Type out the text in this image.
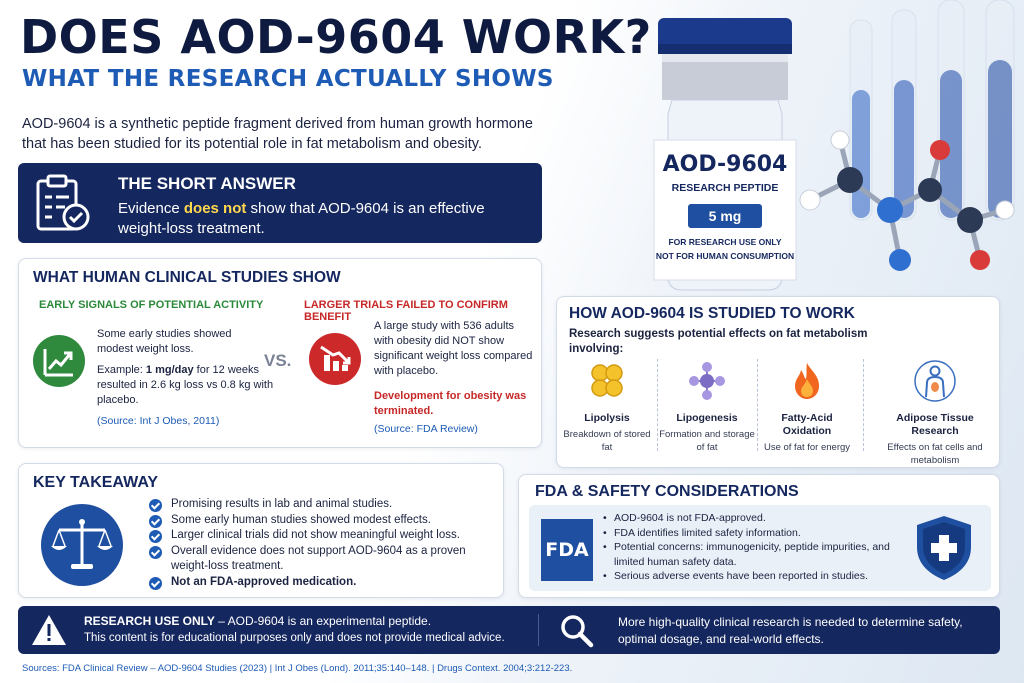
AOD-9604
RESEARCH PEPTIDE
5 mg
FOR RESEARCH USE ONLY
NOT FOR HUMAN CONSUMPTION
DOES AOD-9604 WORK?
WHAT THE RESEARCH ACTUALLY SHOWS
AOD-9604 is a synthetic peptide fragment derived from human growth hormone that has been studied for its potential role in fat metabolism and obesity.
THE SHORT ANSWER
Evidence does not show that AOD-9604 is an effective weight-loss treatment.
WHAT HUMAN CLINICAL STUDIES SHOW
EARLY SIGNALS OF POTENTIAL ACTIVITY	LARGER TRIALS FAILED TO CONFIRM BENEFIT
VS.
Some early studies showed modest weight loss.
Example: 1 mg/day for 12 weeks resulted in 2.6 kg loss vs 0.8 kg with placebo.
(Source: Int J Obes, 2011)
A large study with 536 adults with obesity did NOT show significant weight loss compared with placebo.
Development for obesity was terminated.
(Source: FDA Review)
HOW AOD-9604 IS STUDIED TO WORK
Research suggests potential effects on fat metabolism involving:
Lipolysis
Breakdown of stored fat
Lipogenesis
Formation and storage of fat
Fatty-Acid Oxidation
Use of fat for energy
Adipose Tissue Research
Effects on fat cells and metabolism
KEY TAKEAWAY
Promising results in lab and animal studies.
Some early human studies showed modest effects.
Larger clinical trials did not show meaningful weight loss.
Overall evidence does not support AOD-9604 as a proven weight-loss treatment.
Not an FDA-approved medication.
FDA & SAFETY CONSIDERATIONS
FDA
• AOD-9604 is not FDA-approved.
• FDA identifies limited safety information.
• Potential concerns: immunogenicity, peptide impurities, and limited human safety data.
• Serious adverse events have been reported in studies.
RESEARCH USE ONLY – AOD-9604 is an experimental peptide.
This content is for educational purposes only and does not provide medical advice.
More high-quality clinical research is needed to determine safety, optimal dosage, and real-world effects.
Sources: FDA Clinical Review – AOD-9604 Studies (2023) | Int J Obes (Lond). 2011;35:140–148. | Drugs Context. 2004;3:212-223.
